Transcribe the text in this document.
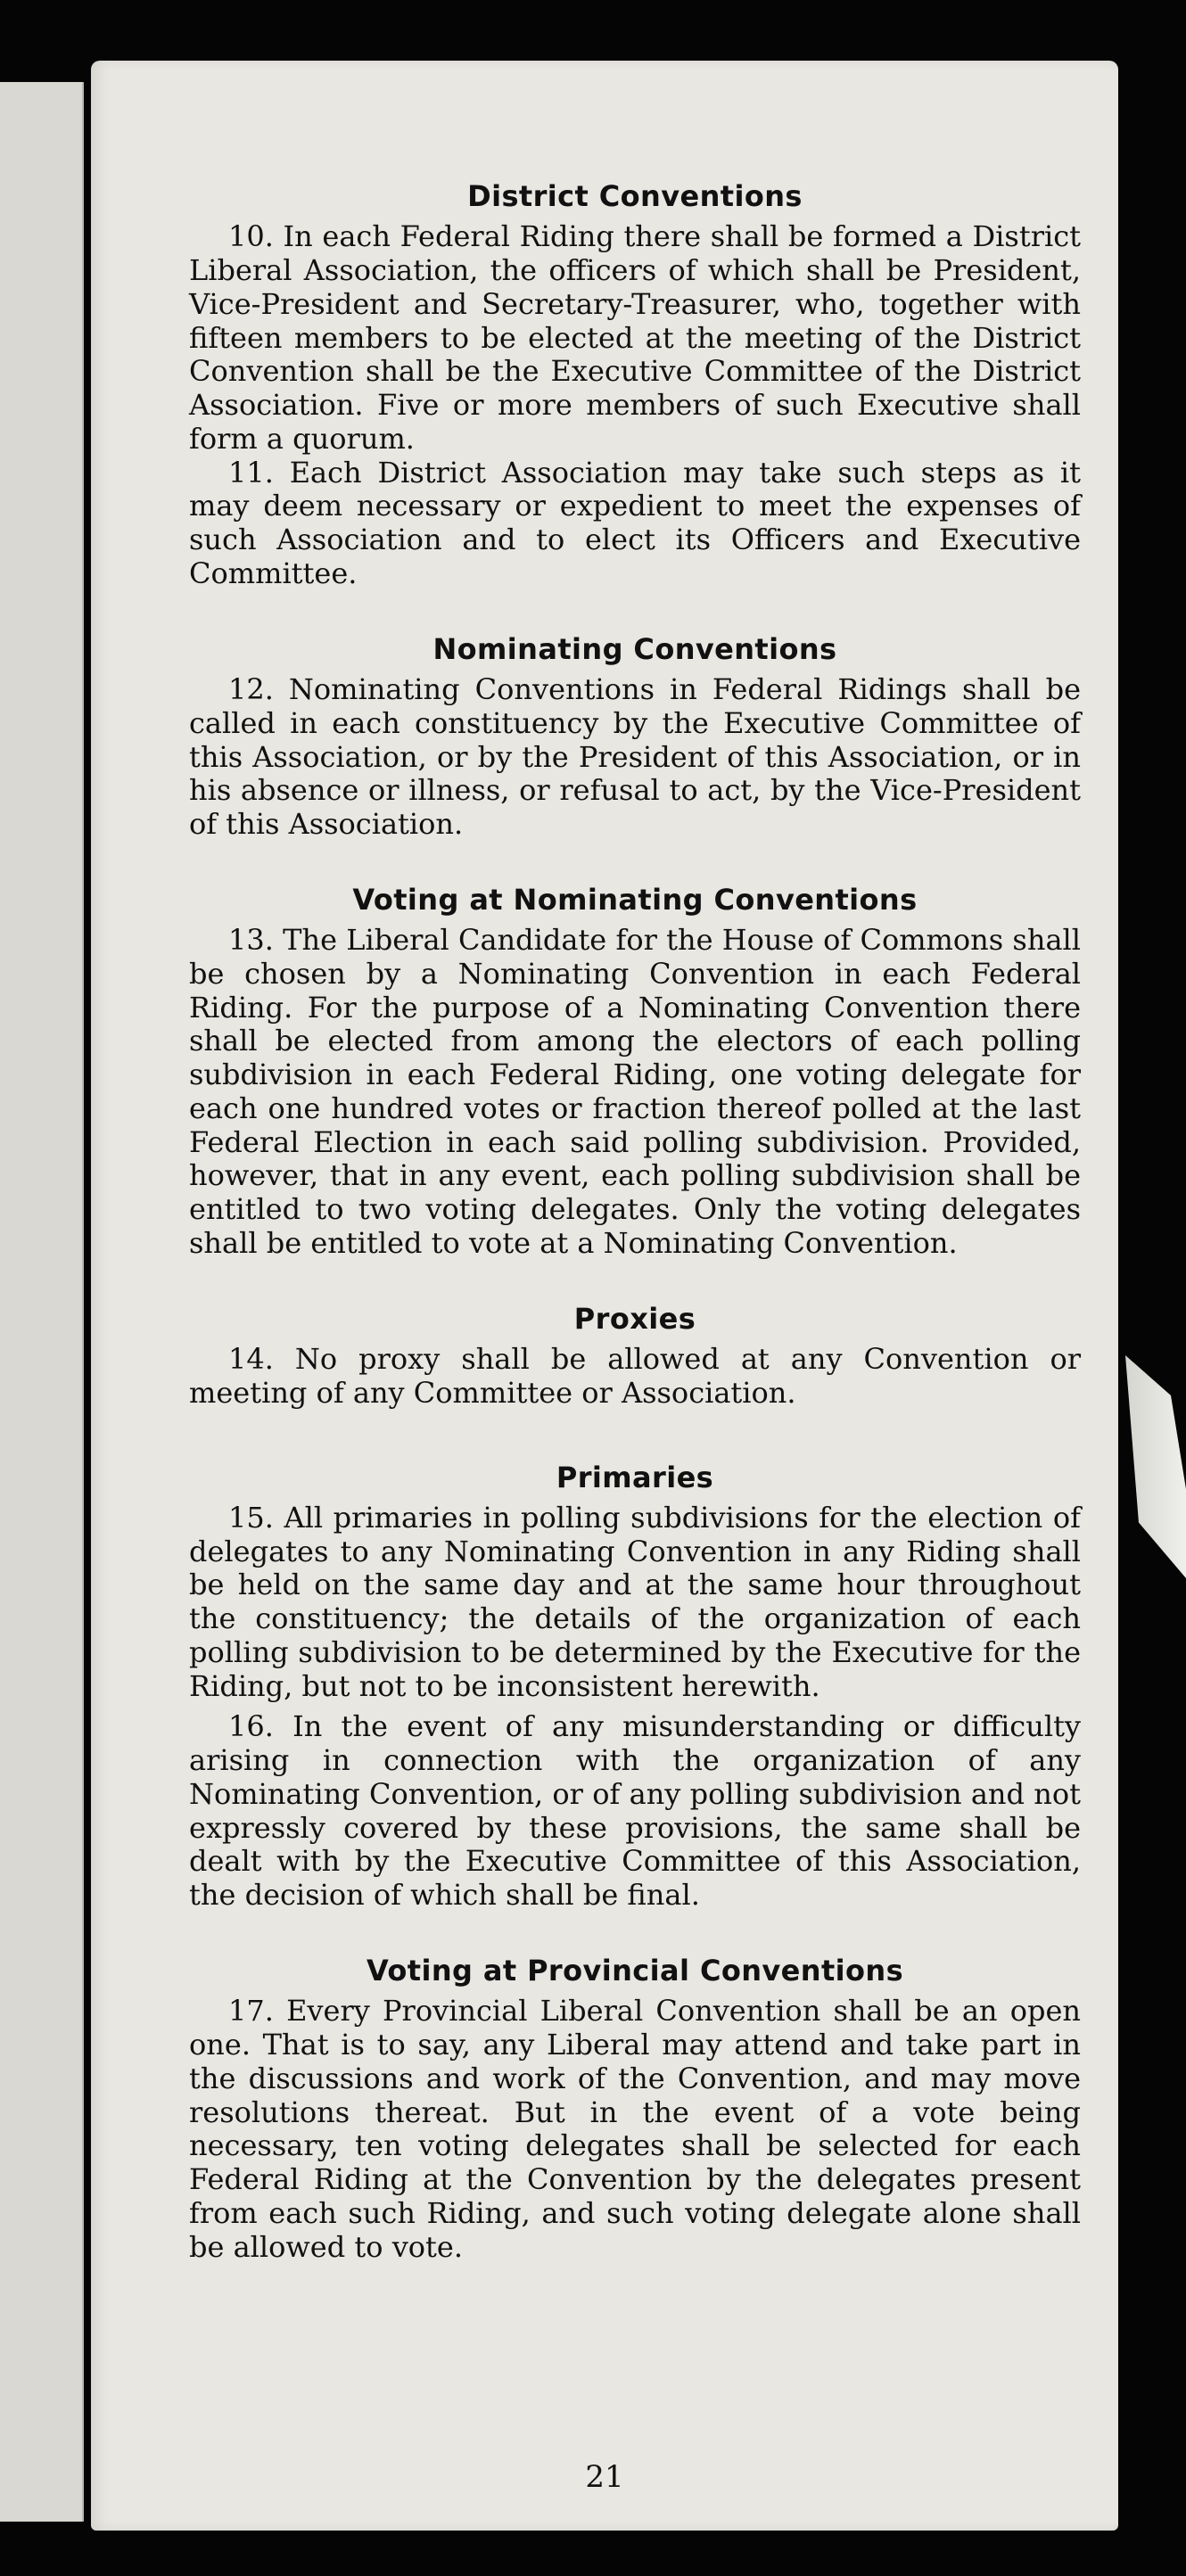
District Conventions

10. In each Federal Riding there shall be formed a District Liberal Association, the officers of which shall be President, Vice-President and Secretary-Treasurer, who, together with fifteen members to be elected at the meeting of the District Convention shall be the Executive Committee of the District Association. Five or more members of such Executive shall form a quorum.

11. Each District Association may take such steps as it may deem necessary or expedient to meet the expenses of such Association and to elect its Officers and Executive Committee.

Nominating Conventions

12. Nominating Conventions in Federal Ridings shall be called in each constituency by the Executive Committee of this Association, or by the President of this Association, or in his absence or illness, or refusal to act, by the Vice-President of this Association.

Voting at Nominating Conventions

13. The Liberal Candidate for the House of Commons shall be chosen by a Nominating Convention in each Federal Riding. For the purpose of a Nominating Convention there shall be elected from among the electors of each polling subdivision in each Federal Riding, one voting delegate for each one hundred votes or fraction thereof polled at the last Federal Election in each said polling subdivision. Provided, however, that in any event, each polling subdivision shall be entitled to two voting delegates. Only the voting delegates shall be entitled to vote at a Nominating Convention.

Proxies

14. No proxy shall be allowed at any Convention or meeting of any Committee or Association.

Primaries

15. All primaries in polling subdivisions for the election of delegates to any Nominating Convention in any Riding shall be held on the same day and at the same hour throughout the constituency; the details of the organization of each polling subdivision to be determined by the Executive for the Riding, but not to be inconsistent herewith.

16. In the event of any misunderstanding or difficulty arising in connection with the organization of any Nominating Convention, or of any polling subdivision and not expressly covered by these provisions, the same shall be dealt with by the Executive Committee of this Association, the decision of which shall be final.

Voting at Provincial Conventions

17. Every Provincial Liberal Convention shall be an open one. That is to say, any Liberal may attend and take part in the discussions and work of the Convention, and may move resolutions thereat. But in the event of a vote being necessary, ten voting delegates shall be selected for each Federal Riding at the Convention by the delegates present from each such Riding, and such voting delegate alone shall be allowed to vote.

21
